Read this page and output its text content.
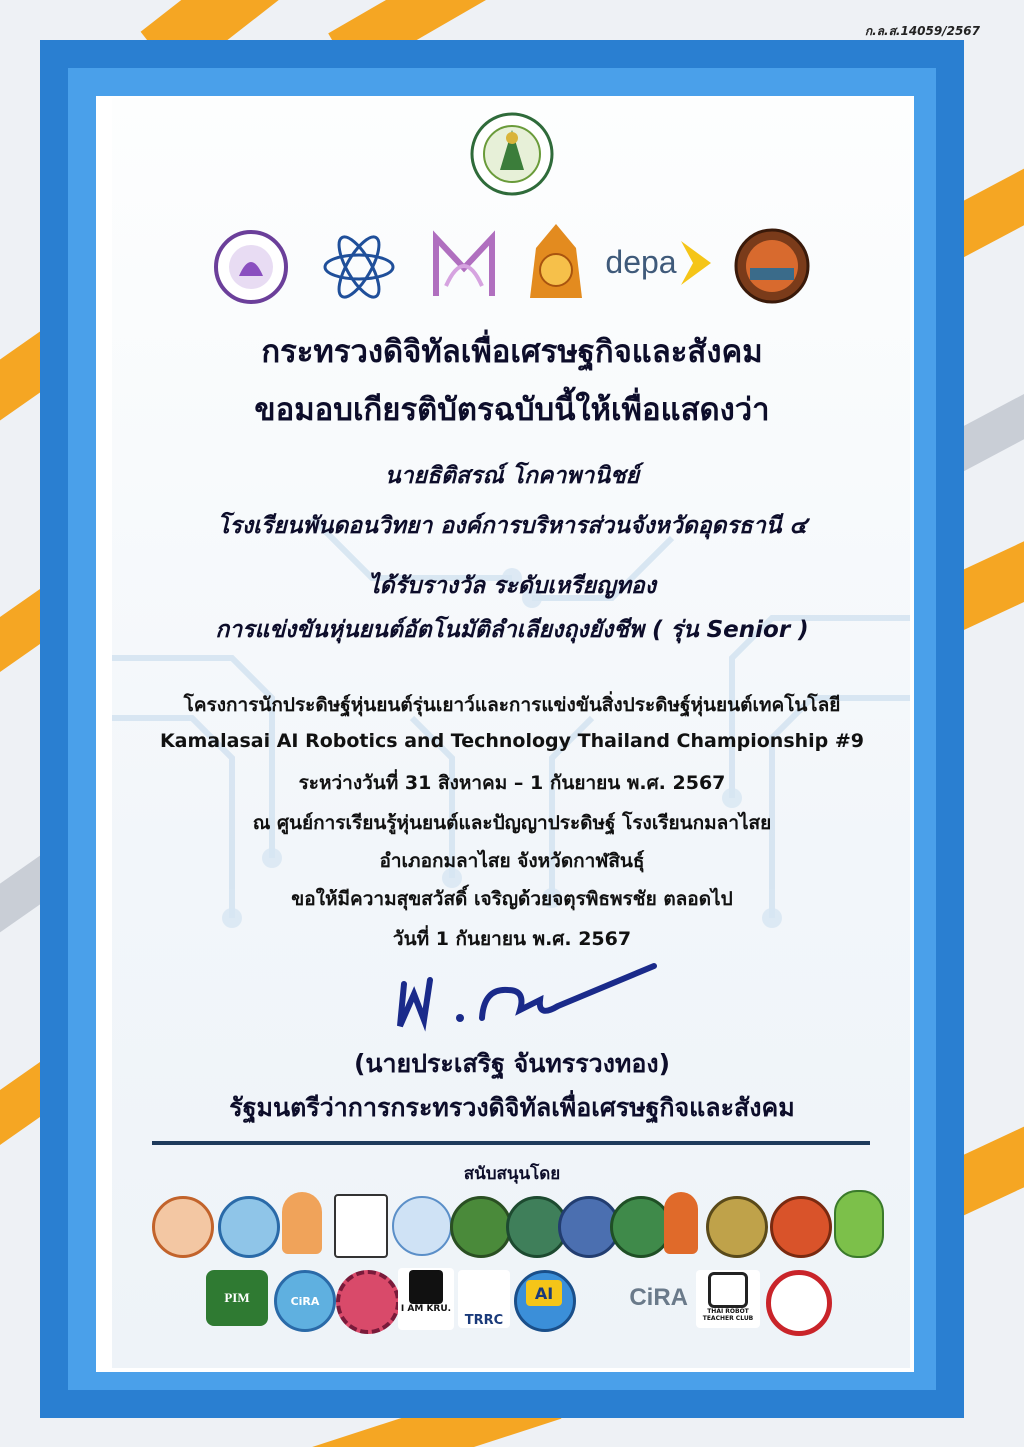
ก.ล.ส.14059/2567
depa
กระทรวงดิจิทัลเพื่อเศรษฐกิจและสังคม
ขอมอบเกียรติบัตรฉบับนี้ให้เพื่อแสดงว่า
นายธิติสรณ์ โกคาพานิชย์
โรงเรียนพันดอนวิทยา องค์การบริหารส่วนจังหวัดอุดรธานี ๔
ได้รับรางวัล ระดับเหรียญทอง
การแข่งขันหุ่นยนต์อัตโนมัติลำเลียงถุงยังชีพ ( รุ่น Senior )
โครงการนักประดิษฐ์หุ่นยนต์รุ่นเยาว์และการแข่งขันสิ่งประดิษฐ์หุ่นยนต์เทคโนโลยี
Kamalasai AI Robotics and Technology Thailand Championship #9
ระหว่างวันที่ 31 สิงหาคม – 1 กันยายน พ.ศ. 2567
ณ ศูนย์การเรียนรู้หุ่นยนต์และปัญญาประดิษฐ์ โรงเรียนกมลาไสย
อำเภอกมลาไสย จังหวัดกาฬสินธุ์
ขอให้มีความสุขสวัสดิ์ เจริญด้วยจตุรพิธพรชัย ตลอดไป
วันที่ 1 กันยายน พ.ศ. 2567
(นายประเสริฐ จันทรรวงทอง)
รัฐมนตรีว่าการกระทรวงดิจิทัลเพื่อเศรษฐกิจและสังคม
สนับสนุนโดย
PIM	CiRA
I AM KRU.
TRRC
AI	CiRA
THAI ROBOT TEACHER CLUB
